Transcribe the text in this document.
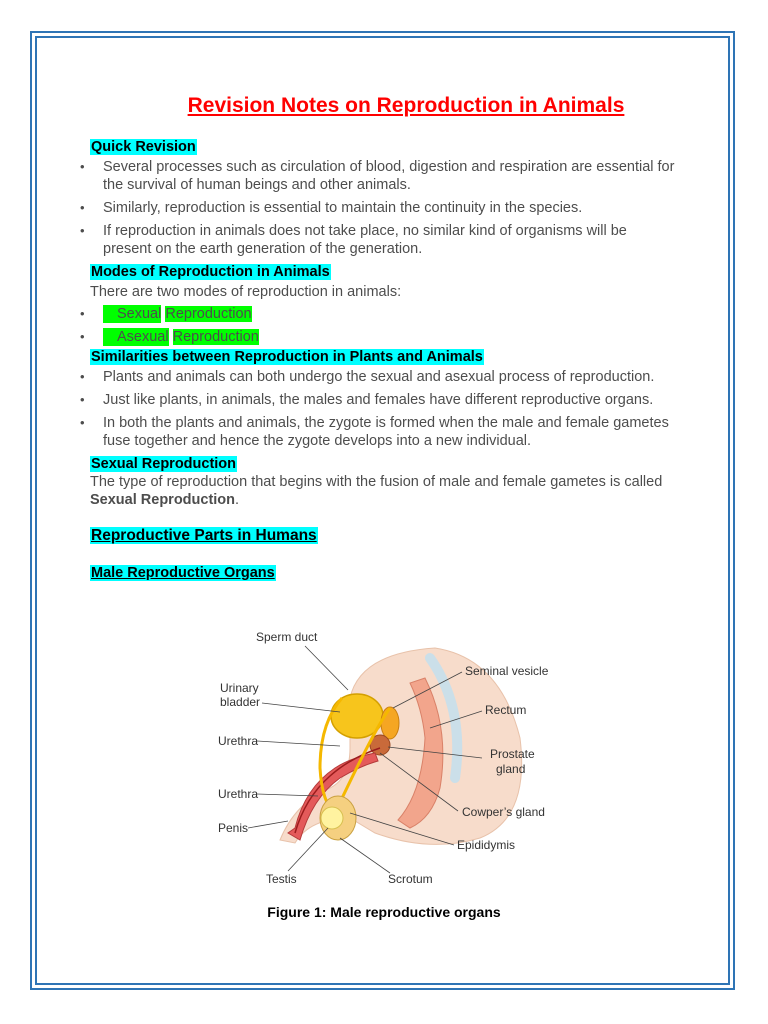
Revision Notes on Reproduction in Animals
Quick Revision
• Several processes such as circulation of blood, digestion and respiration are essential for the survival of human beings and other animals.
• Similarly, reproduction is essential to maintain the continuity in the species.
• If reproduction in animals does not take place, no similar kind of organisms will be present on the earth generation of the generation.
Modes of Reproduction in Animals
There are two modes of reproduction in animals:
• Sexual Reproduction
• Asexual Reproduction
Similarities between Reproduction in Plants and Animals
• Plants and animals can both undergo the sexual and asexual process of reproduction.
• Just like plants, in animals, the males and females have different reproductive organs.
• In both the plants and animals, the zygote is formed when the male and female gametes fuse together and hence the zygote develops into a new individual.
Sexual Reproduction
The type of reproduction that begins with the fusion of male and female gametes is called Sexual Reproduction.
Reproductive Parts in Humans
Male Reproductive Organs
Sperm duct
Urinary
bladder
Urethra
Urethra
Penis
Testis	Scrotum
Seminal vesicle
Rectum
Prostate
gland
Cowper’s gland
Epididymis
Figure 1: Male reproductive organs
